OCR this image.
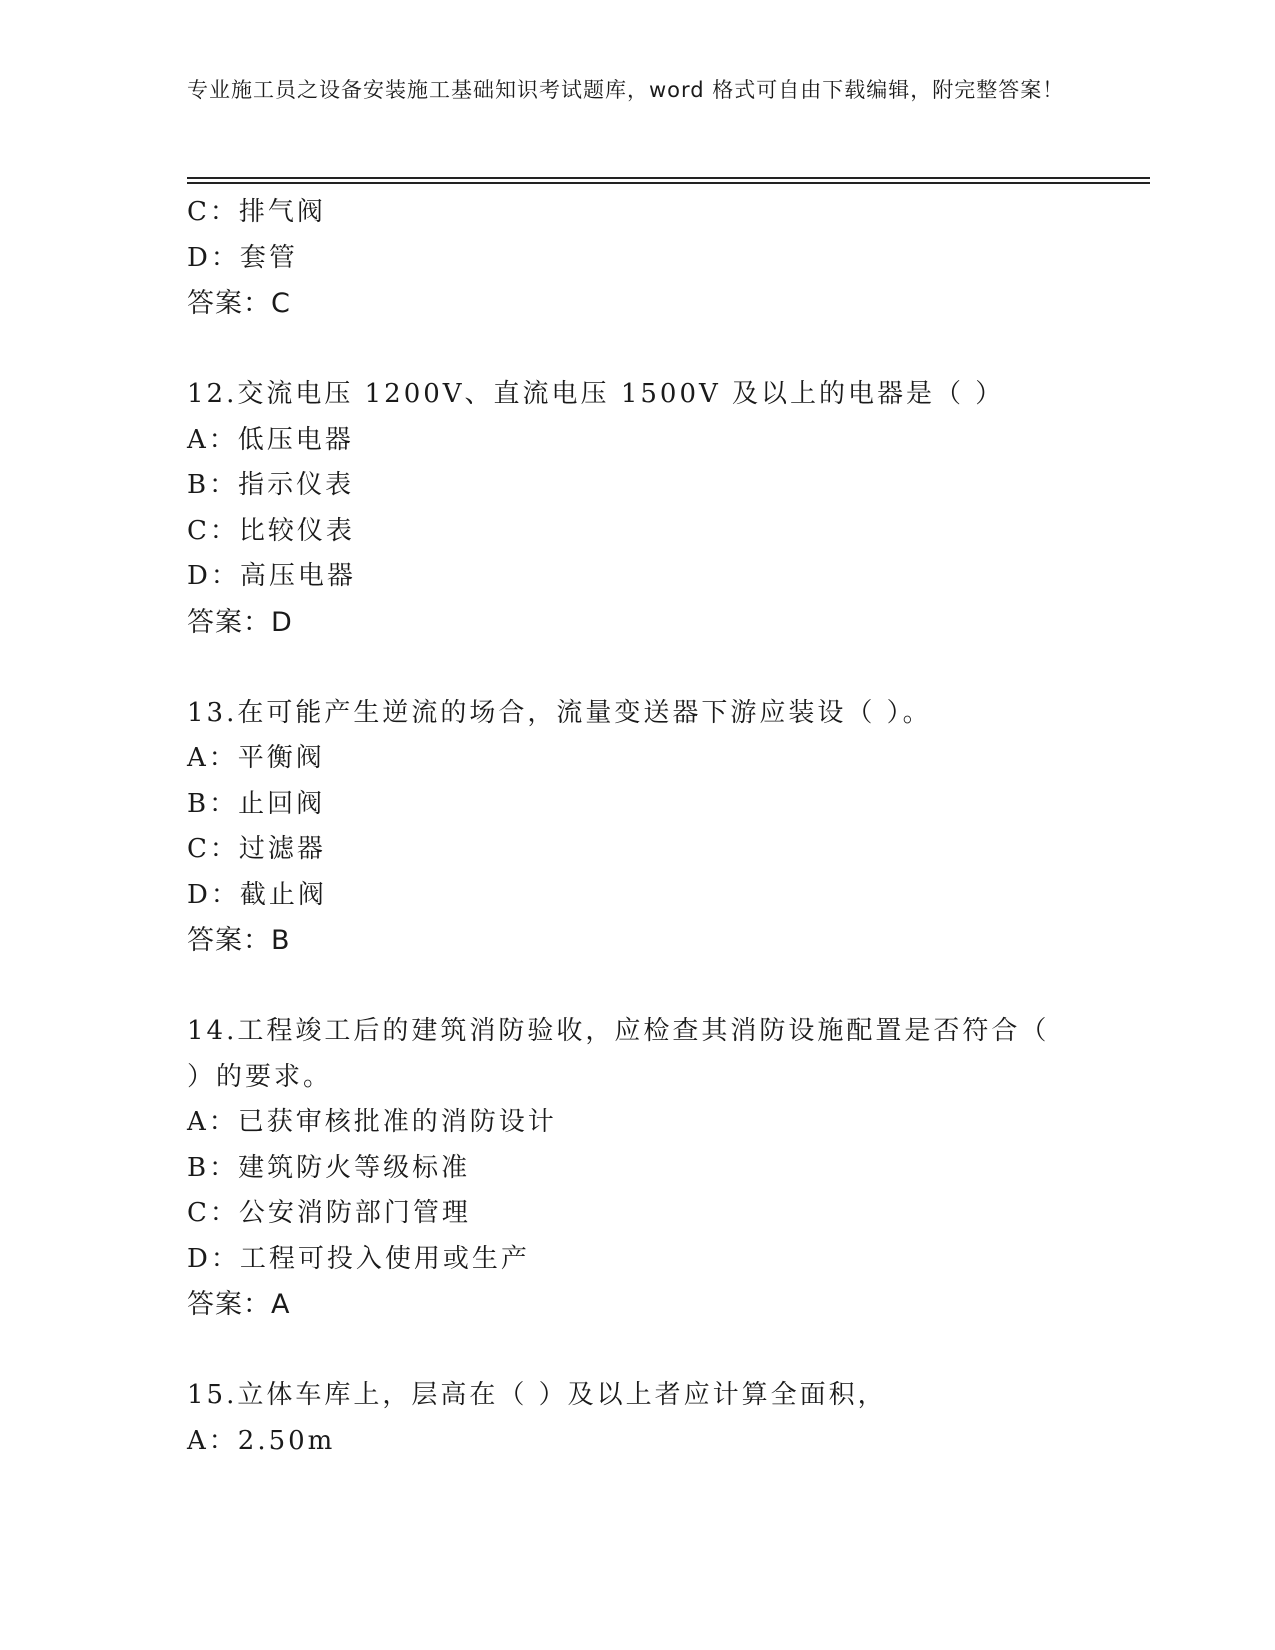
专业施工员之设备安装施工基础知识考试题库，word 格式可自由下载编辑，附完整答案！

C：排气阀
D：套管
答案：C
12.交流电压 1200V、直流电压 1500V 及以上的电器是（ ）
A：低压电器
B：指示仪表
C：比较仪表
D：高压电器
答案：D
13.在可能产生逆流的场合，流量变送器下游应装设（ ）。
A：平衡阀
B：止回阀
C：过滤器
D：截止阀
答案：B
14.工程竣工后的建筑消防验收，应检查其消防设施配置是否符合（
）的要求。
A：已获审核批准的消防设计
B：建筑防火等级标准
C：公安消防部门管理
D：工程可投入使用或生产
答案：A
15.立体车库上，层高在（ ）及以上者应计算全面积，
A：2.50m
